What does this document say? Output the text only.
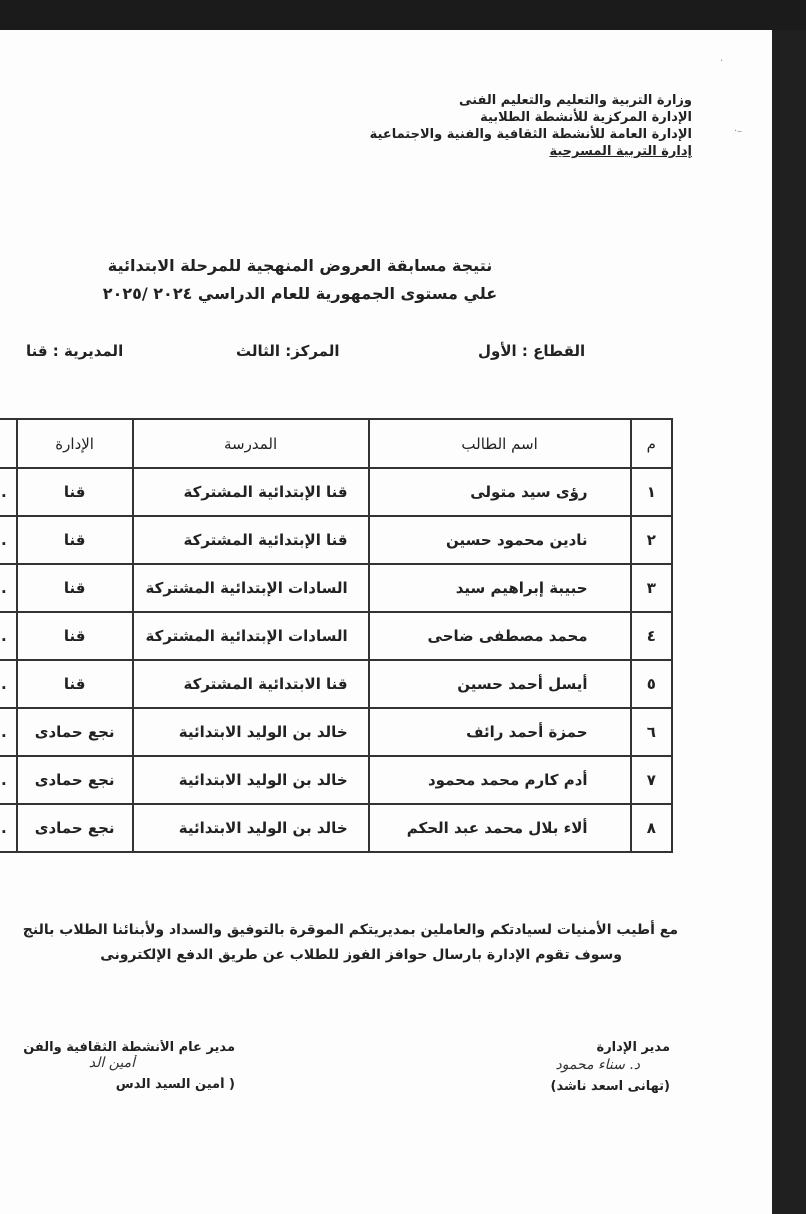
وزارة التربية والتعليم والتعليم الفنى
الإدارة المركزية للأنشطة الطلابية
الإدارة العامة للأنشطة الثقافية والفنية والاجتماعية
إدارة التربية المسرحية
·
–·
نتيجة مسابقة العروض المنهجية للمرحلة الابتدائية
علي مستوى الجمهورية للعام الدراسي ٢٠٢٤ /٢٠٢٥
القطاع : الأول
المركز: الثالث
المديرية : قنا
م	اسم الطالب	المدرسة	الإدارة	
١	رؤى سيد متولى	قنا الإبتدائية المشتركة	قنا	.
٢	نادين محمود حسين	قنا الإبتدائية المشتركة	قنا	.
٣	حبيبة إبراهيم سيد	السادات الإبتدائية المشتركة	قنا	.
٤	محمد مصطفى ضاحى	السادات الإبتدائية المشتركة	قنا	.
٥	أيسل أحمد حسين	قنا الابتدائية المشتركة	قنا	.
٦	حمزة أحمد رائف	خالد بن الوليد الابتدائية	نجع حمادى	.
٧	أدم كارم محمد محمود	خالد بن الوليد الابتدائية	نجع حمادى	.
٨	ألاء بلال محمد عبد الحكم	خالد بن الوليد الابتدائية	نجع حمادى	.
مع أطيب الأمنيات لسيادتكم والعاملين بمديريتكم الموقرة بالتوفيق والسداد ولأبنائنا الطلاب بالنج
وسوف تقوم الإدارة بارسال حوافز الفوز للطلاب عن طريق الدفع الإلكترونى
مدير الإدارة
د. سناء محمود
(تهانى اسعد ناشد)
مدير عام الأنشطة الثقافية والفن
أمين الد
( أمين السيد الدس
